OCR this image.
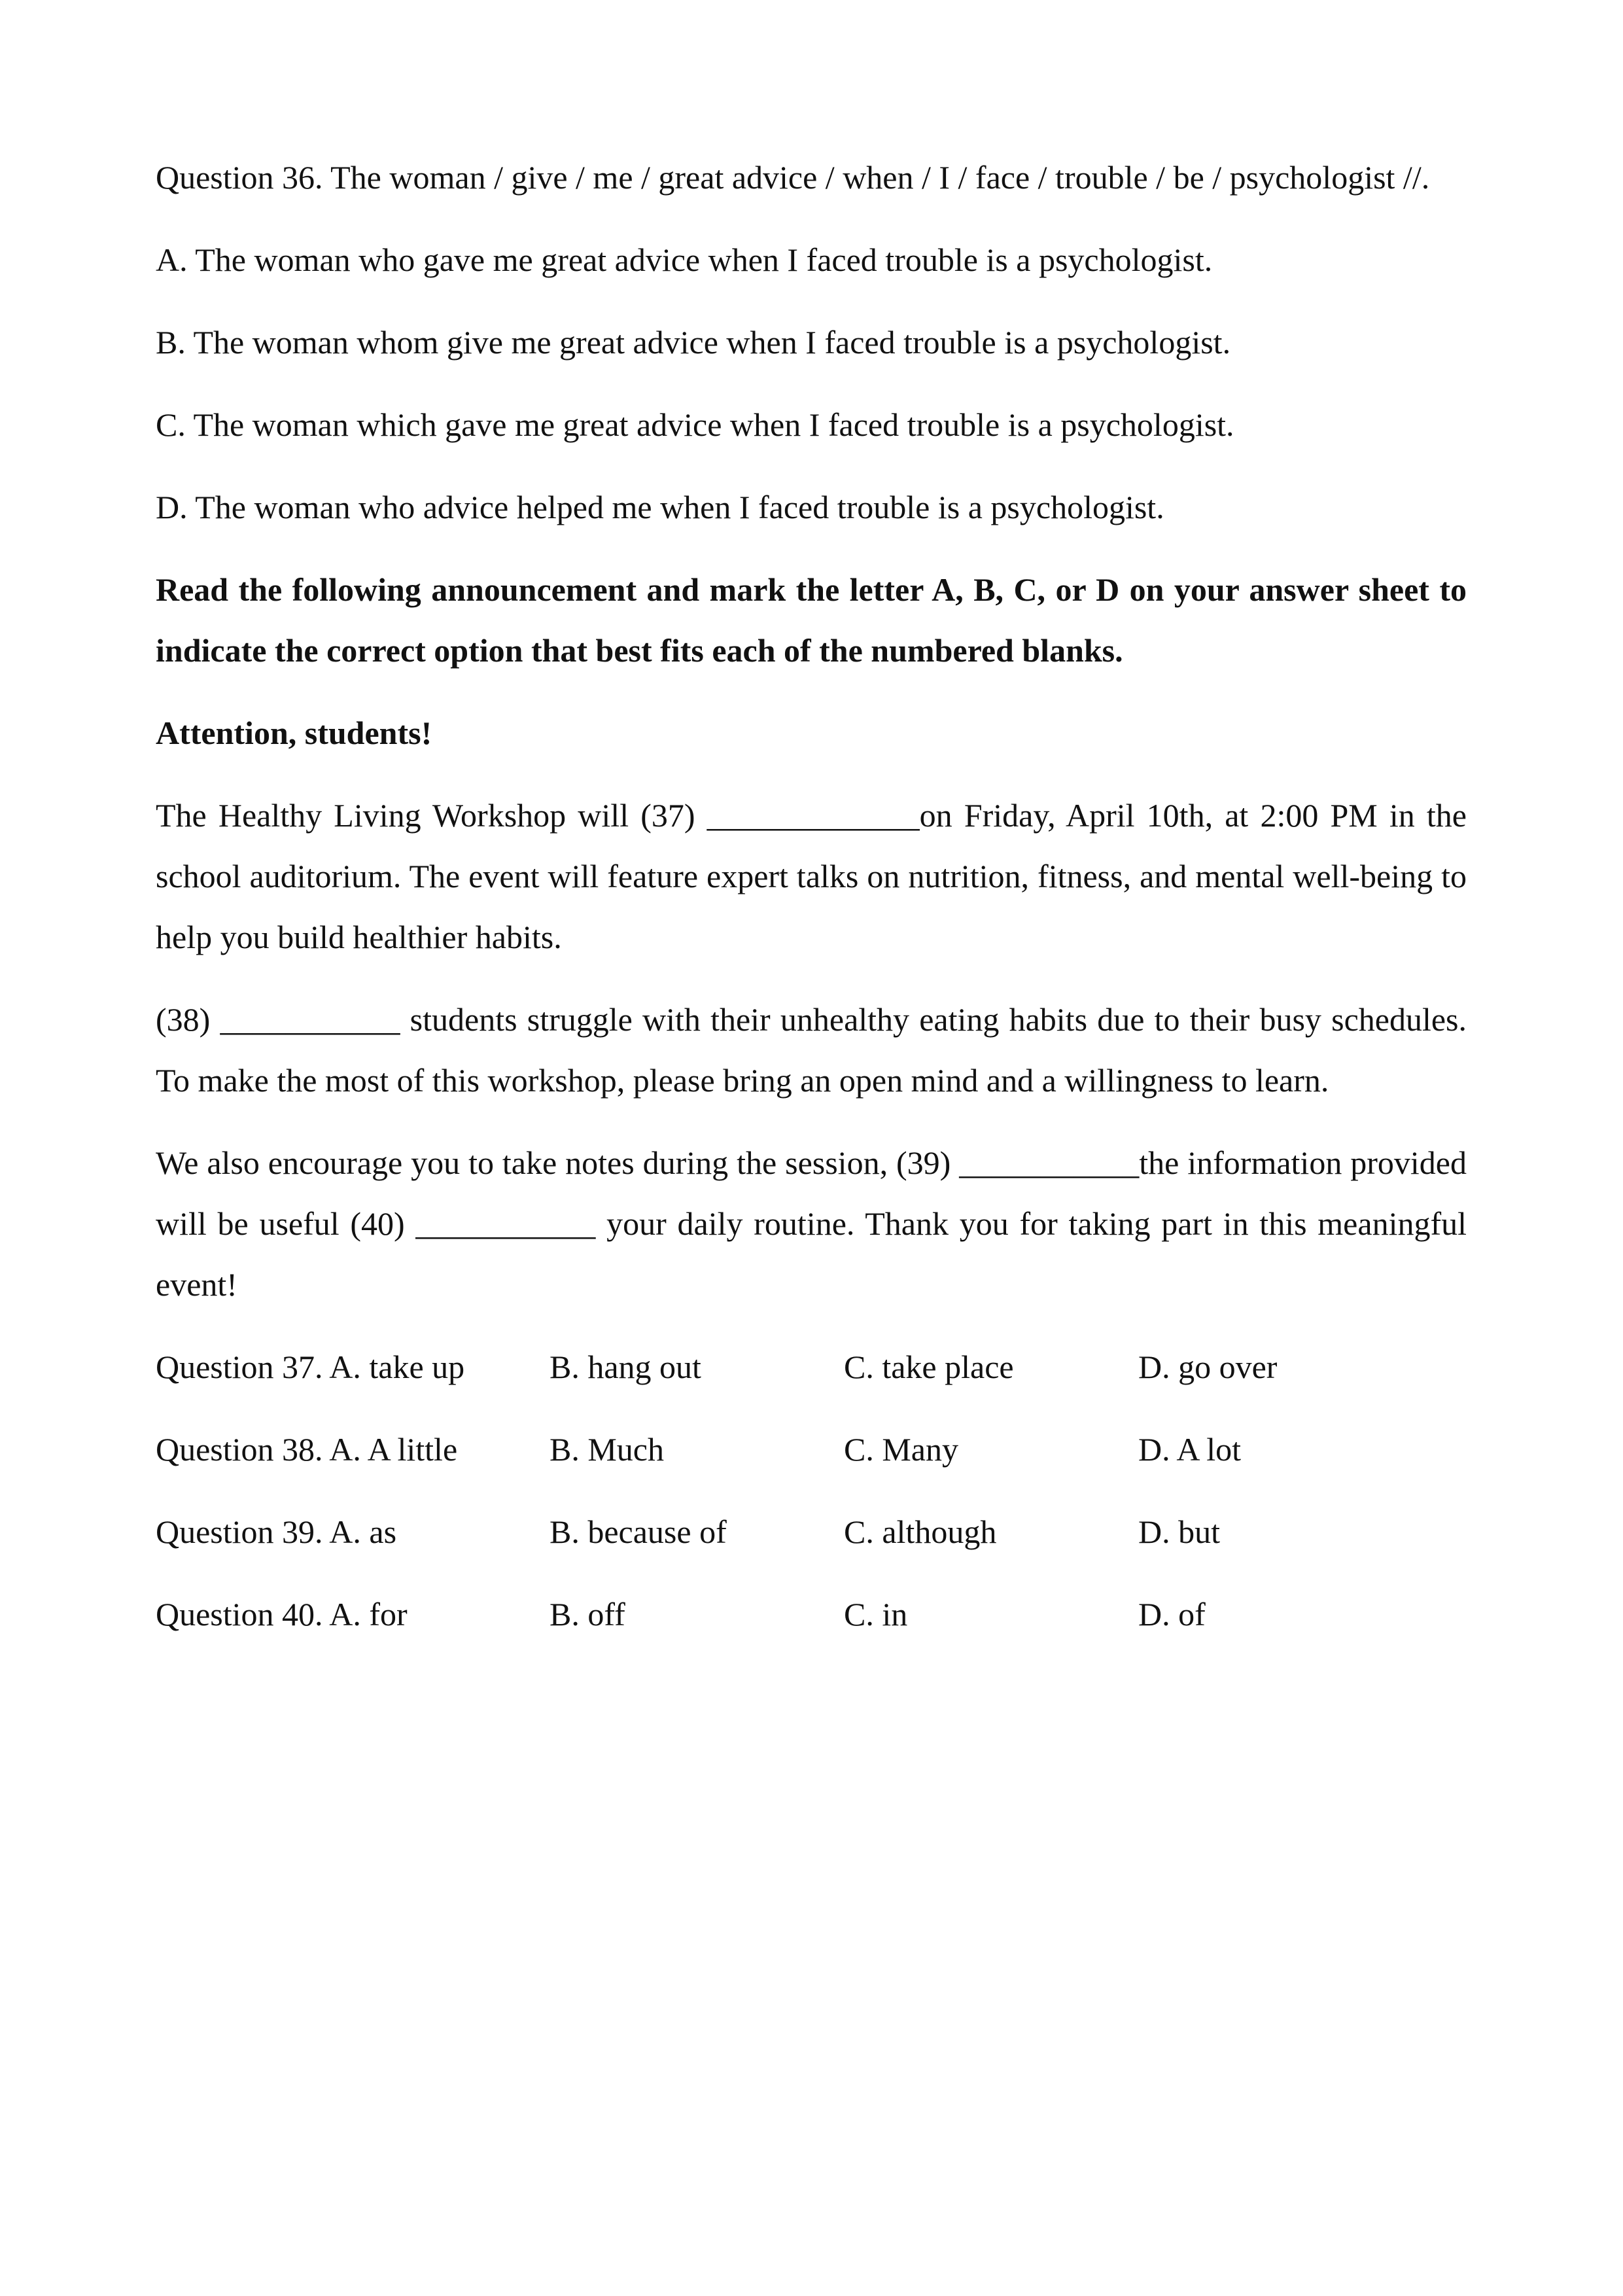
Question 36. The woman / give / me / great advice / when / I / face / trouble / be / psychologist //.

A. The woman who gave me great advice when I faced trouble is a psychologist.

B. The woman whom give me great advice when I faced trouble is a psychologist.

C. The woman which gave me great advice when I faced trouble is a psychologist.

D. The woman who advice helped me when I faced trouble is a psychologist.

Read the following announcement and mark the letter A, B, C, or D on your answer sheet to indicate the correct option that best fits each of the numbered blanks.

Attention, students!

The Healthy Living Workshop will (37) _____________on Friday, April 10th, at 2:00 PM in the school auditorium. The event will feature expert talks on nutrition, fitness, and mental well-being to help you build healthier habits.

(38) ___________ students struggle with their unhealthy eating habits due to their busy schedules. To make the most of this workshop, please bring an open mind and a willingness to learn.

We also encourage you to take notes during the session, (39) ___________the information provided will be useful (40) ___________ your daily routine. Thank you for taking part in this meaningful event!

Question 37. A. take up	B. hang out	C. take place	D. go over
Question 38. A. A little	B. Much	C. Many	D. A lot
Question 39. A. as	B. because of	C. although	D. but
Question 40. A. for	B. off	C. in	D. of
